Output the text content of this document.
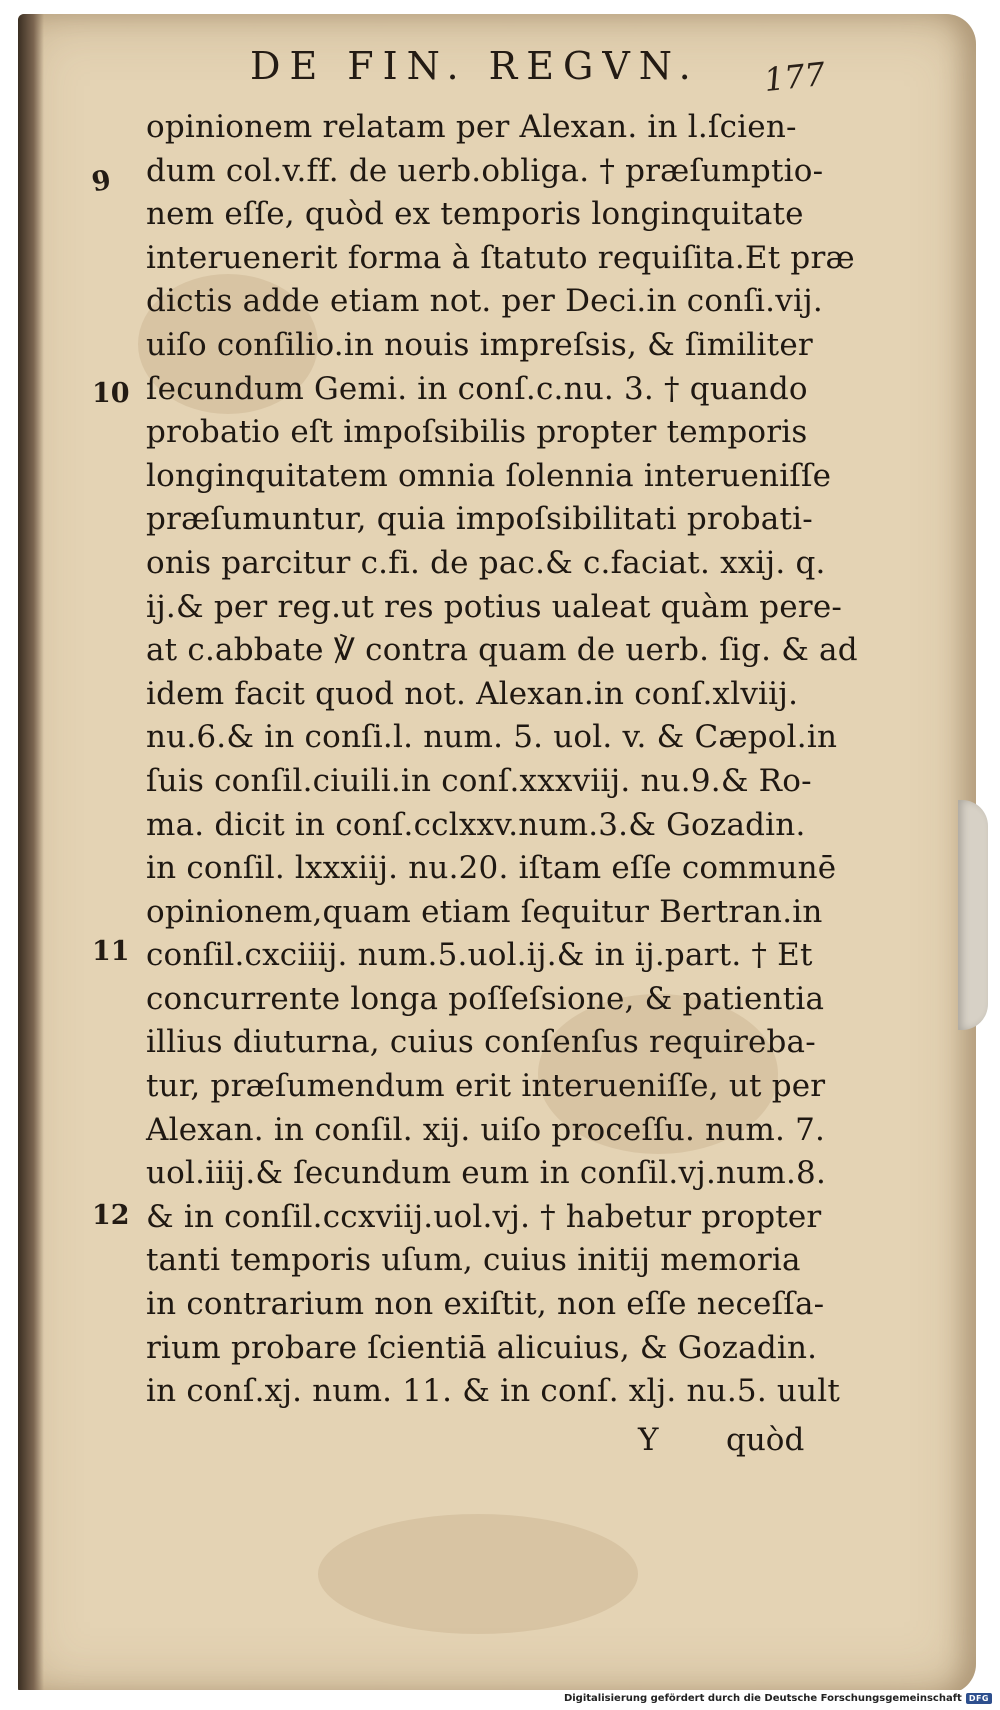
DE FIN. REGVN. 177
9
10
11
12
opinionem relatam per Alexan. in l.ſcien-
dum col.v.ff. de uerb.obliga. † præſumptio-
nem eſſe, quòd ex temporis longinquitate
interuenerit forma à ſtatuto requiſita.Et præ
dictis adde etiam not. per Deci.in conſi.vij.
uiſo conſilio.in nouis impreſsis, & ſimiliter
ſecundum Gemi. in conſ.c.nu. 3. † quando
probatio eſt impoſsibilis propter temporis
longinquitatem omnia ſolennia interueniſſe
præſumuntur, quia impoſsibilitati probati-
onis parcitur c.fi. de pac.& c.faciat. xxij. q.
ij.& per reg.ut res potius ualeat quàm pere-
at c.abbate ℣ contra quam de uerb. ſig. & ad
idem facit quod not. Alexan.in conſ.xlviij.
nu.6.& in conſi.l. num. 5. uol. v. & Cæpol.in
ſuis conſil.ciuili.in conſ.xxxviij. nu.9.& Ro-
ma. dicit in conſ.cclxxv.num.3.& Gozadin.
in conſil. lxxxiij. nu.20. iſtam eſſe communē
opinionem,quam etiam ſequitur Bertran.in
conſil.cxciiij. num.5.uol.ij.& in ij.part. † Et
concurrente longa poſſeſsione, & patientia
illius diuturna, cuius conſenſus requireba-
tur, præſumendum erit interueniſſe, ut per
Alexan. in conſil. xij. uiſo proceſſu. num. 7.
uol.iiij.& ſecundum eum in conſil.vj.num.8.
& in conſil.ccxviij.uol.vj. † habetur propter
tanti temporis uſum, cuius initij memoria
in contrarium non exiſtit, non eſſe neceſſa-
rium probare ſcientiā alicuius, & Gozadin.
in conſ.xj. num. 11. & in conſ. xlj. nu.5. uult
Y quòd
Digitalisierung gefördert durch die Deutsche Forschungsgemeinschaft DFG
